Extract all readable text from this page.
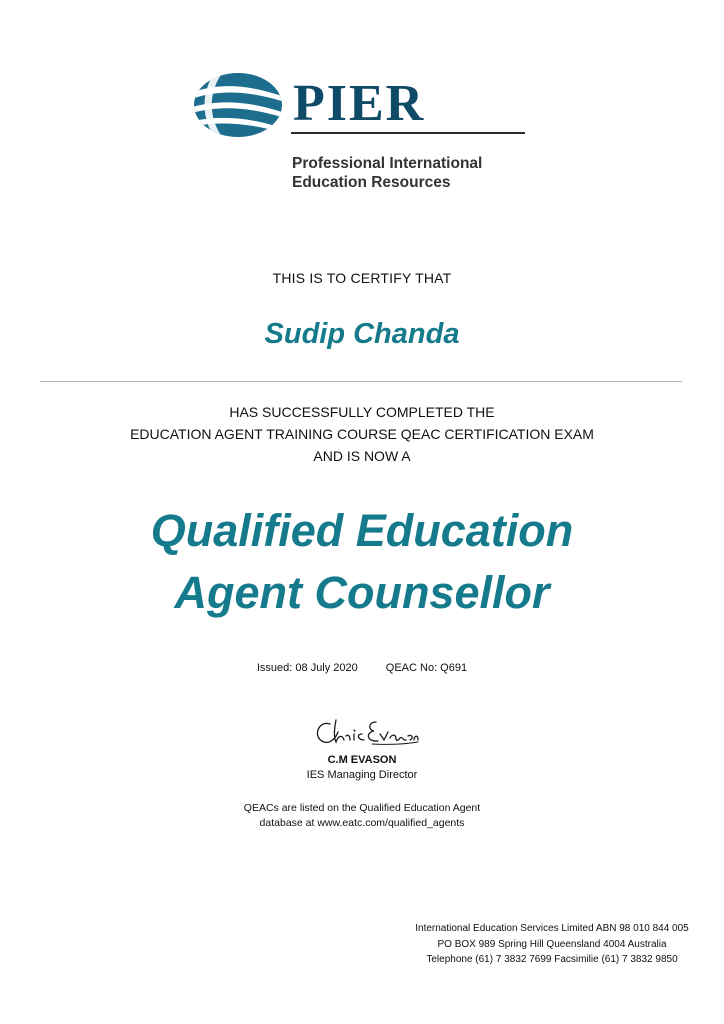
PIER
Professional International
Education Resources
THIS IS TO CERTIFY THAT
Sudip Chanda
HAS SUCCESSFULLY COMPLETED THE
EDUCATION AGENT TRAINING COURSE QEAC CERTIFICATION EXAM
AND IS NOW A
Qualified Education
Agent Counsellor
Issued: 08 July 2020	QEAC No: Q691
C.M EVASON
IES Managing Director
QEACs are listed on the Qualified Education Agent
database at www.eatc.com/qualified_agents
International Education Services Limited ABN 98 010 844 005
PO BOX 989 Spring Hill Queensland 4004 Australia
Telephone (61) 7 3832 7699 Facsimilie (61) 7 3832 9850
